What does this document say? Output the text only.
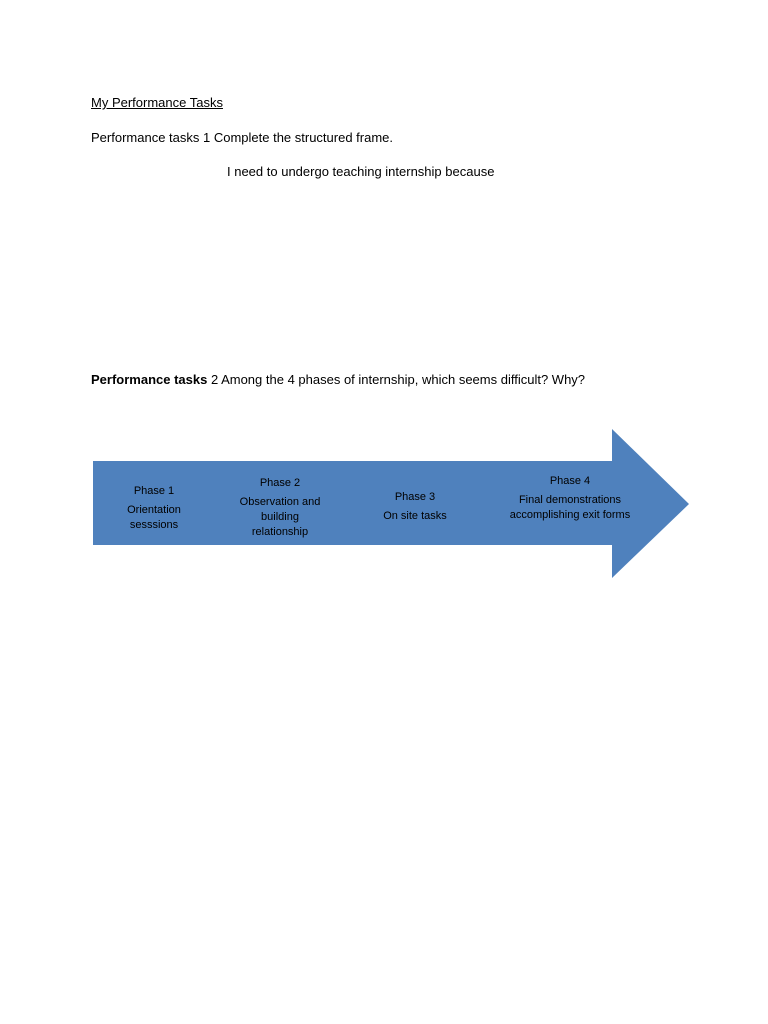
My Performance Tasks
Performance tasks 1 Complete the structured frame.
I need to undergo teaching internship because
Performance tasks 2 Among the 4 phases of internship, which seems difficult? Why?
Phase 1
Orientation sesssions
Phase 2
Observation and building relationship
Phase 3
On site tasks
Phase 4
Final demonstrations accomplishing exit forms
